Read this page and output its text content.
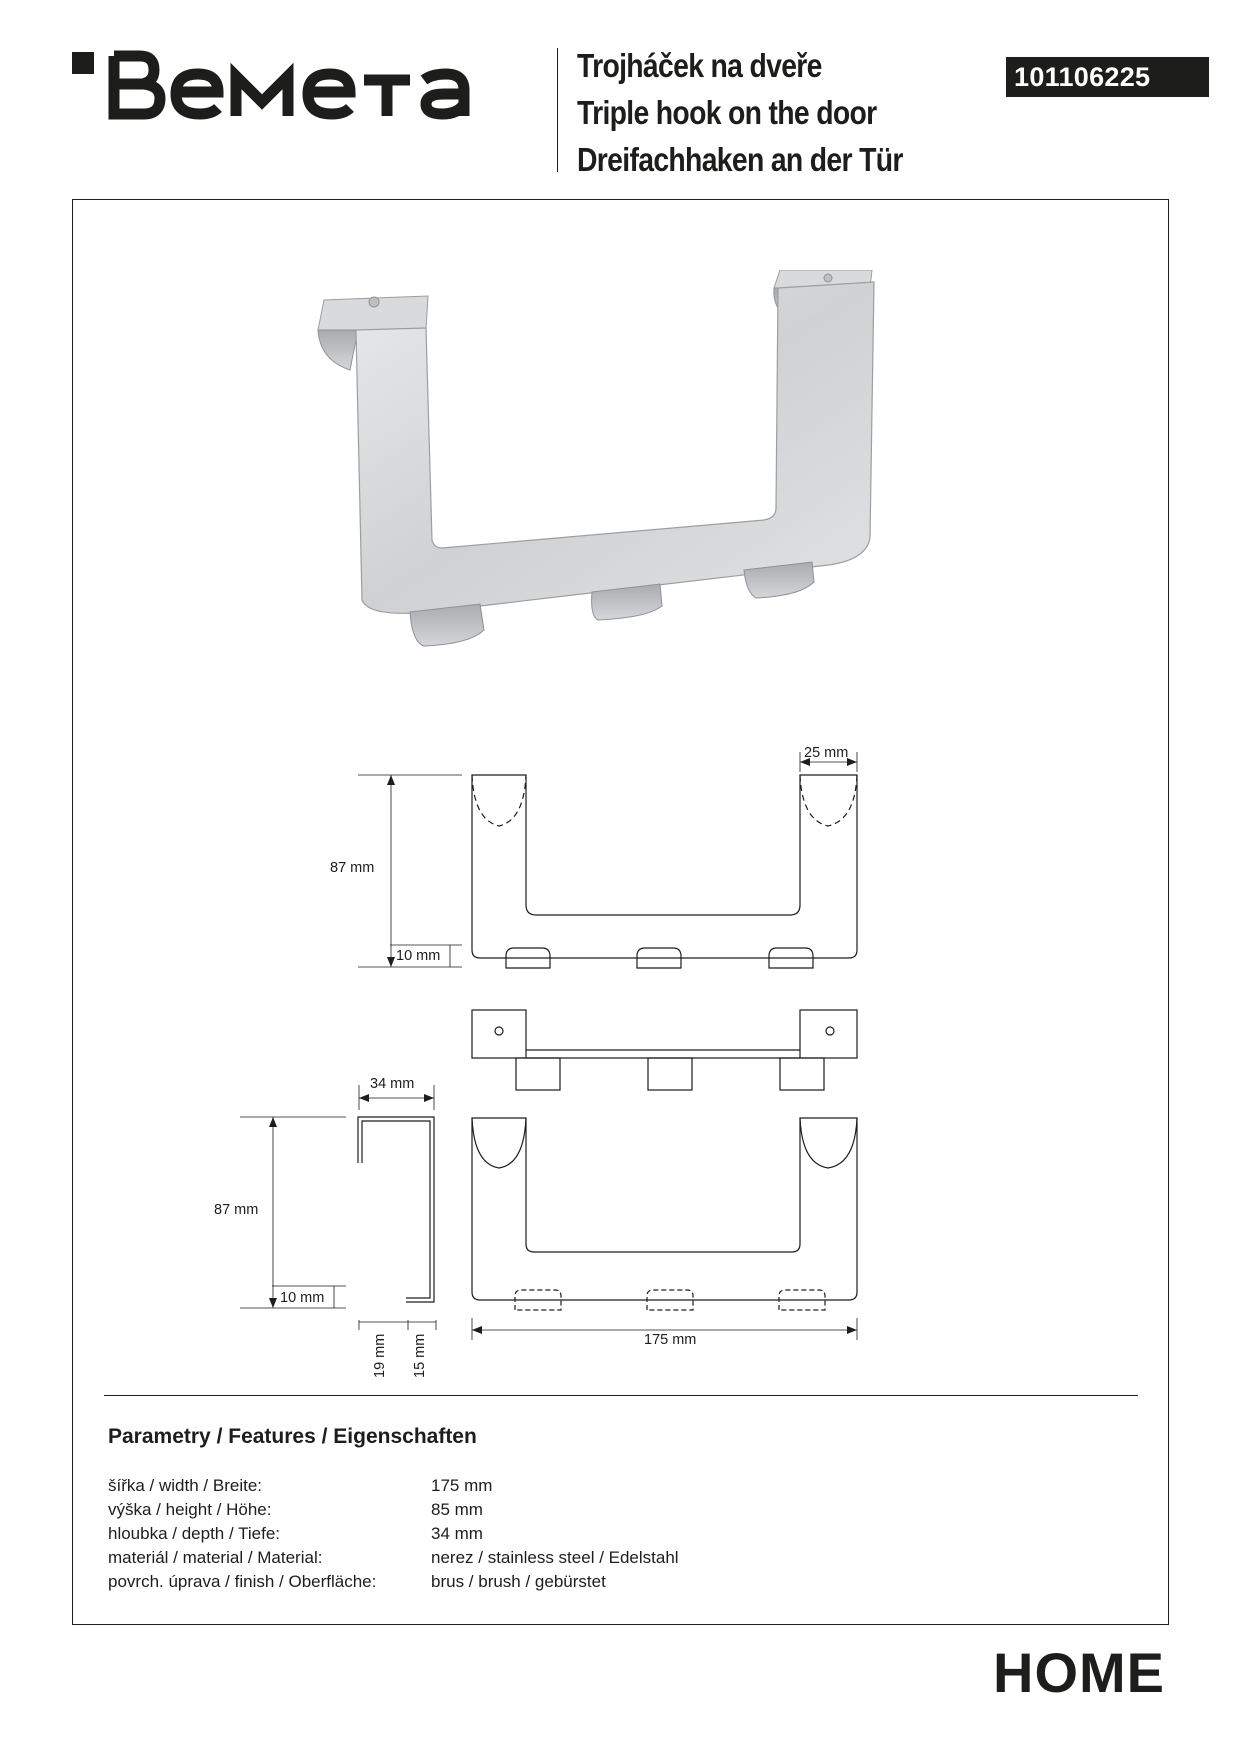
BEMETA
Trojháček na dveře
Triple hook on the door
Dreifachhaken an der Tür
101106225
25 mm
87 mm
10 mm
34 mm
87 mm
10 mm
175 mm
19 mm 15 mm
Parametry / Features / Eigenschaften
šířka / width / Breite:	175 mm
výška / height / Höhe:	85 mm
hloubka / depth / Tiefe:	34 mm
materiál / material / Material:	nerez / stainless steel / Edelstahl
povrch. úprava / finish / Oberfläche:	brus / brush / gebürstet
HOME
